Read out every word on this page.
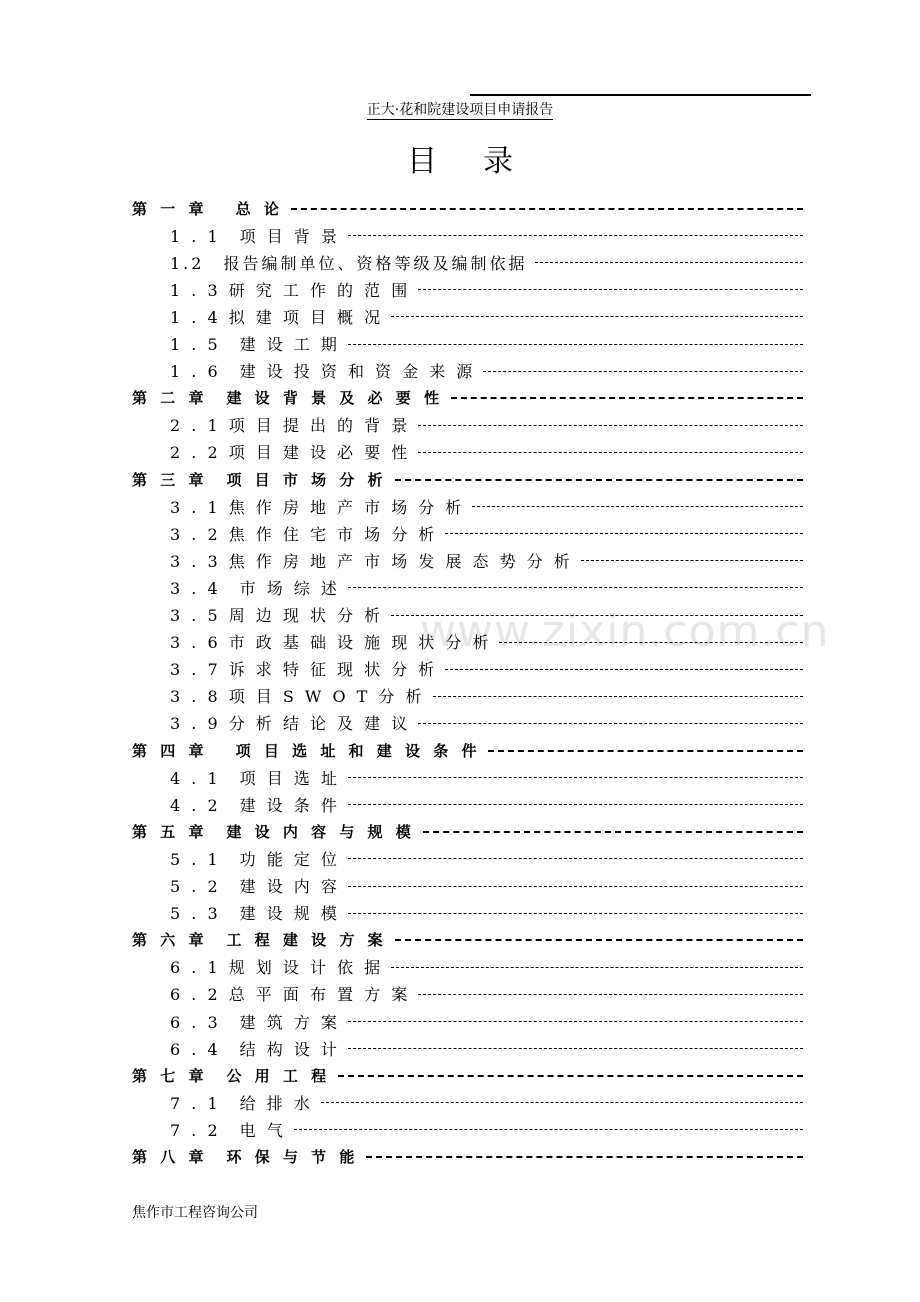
正大·花和院建设项目申请报告
目录
www.zixin.com.cn
第 一 章　 总 论
1 . 1　项 目 背 景
1.2　报告编制单位、资格等级及编制依据
1 . 3 研 究 工 作 的 范 围
1 . 4 拟 建 项 目 概 况
1 . 5　建 设 工 期
1 . 6　建 设 投 资 和 资 金 来 源
第 二 章　建 设 背 景 及 必 要 性
2 . 1 项 目 提 出 的 背 景
2 . 2 项 目 建 设 必 要 性
第 三 章　项 目 市 场 分 析
3 . 1 焦 作 房 地 产 市 场 分 析
3 . 2 焦 作 住 宅 市 场 分 析
3 . 3 焦 作 房 地 产 市 场 发 展 态 势 分 析
3 . 4　市 场 综 述
3 . 5 周 边 现 状 分 析
3 . 6 市 政 基 础 设 施 现 状 分 析
3 . 7 诉 求 特 征 现 状 分 析
3 . 8 项 目 S W O T 分 析
3 . 9 分 析 结 论 及 建 议
第 四 章　 项 目 选 址 和 建 设 条 件
4 . 1　项 目 选 址
4 . 2　建 设 条 件
第 五 章　建 设 内 容 与 规 模
5 . 1　功 能 定 位
5 . 2　建 设 内 容
5 . 3　建 设 规 模
第 六 章　工 程 建 设 方 案
6 . 1 规 划 设 计 依 据
6 . 2 总 平 面 布 置 方 案
6 . 3　建 筑 方 案
6 . 4　结 构 设 计
第 七 章　公 用 工 程
7 . 1　给 排 水
7 . 2　电 气
第 八 章　环 保 与 节 能
焦作市工程咨询公司
